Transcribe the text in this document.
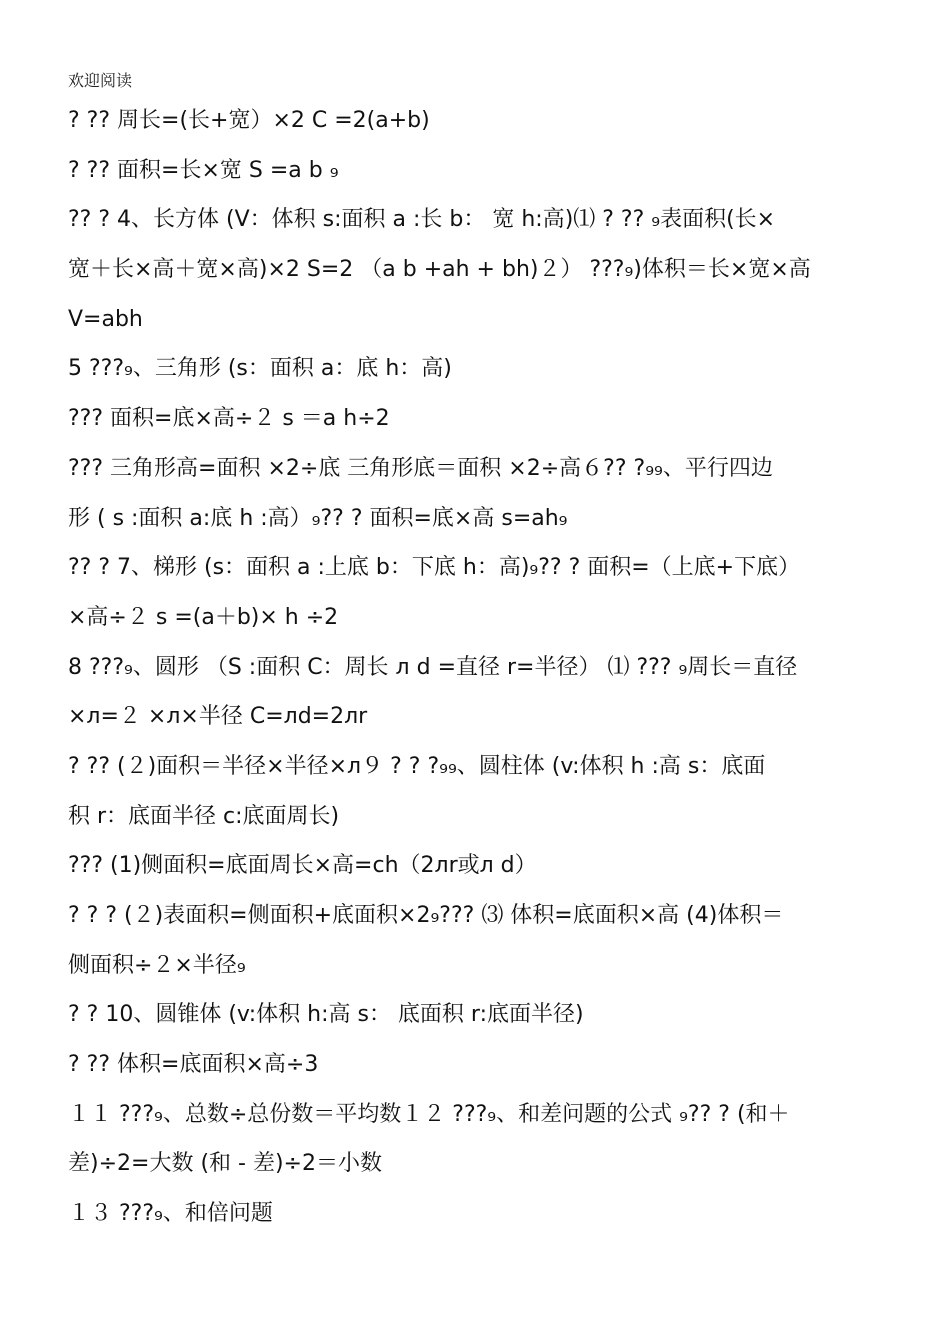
欢迎阅读
? ?? 周长=(长+宽）×2 C =2(a+b)
? ?? 面积=长×宽 S =a b ₉
?? ? 4、长方体 (V：体积 s:面积 a :长 b： 宽 h:高)⑴ ? ?? ₉表面积(长×
宽＋长×高＋宽×高)×2 S=2 （a b +ah + bh)２） ???₉)体积＝长×宽×高
V=abh
5 ???₉、三角形 (s：面积 a：底 h：高)
??? 面积=底×高÷２ s ＝a h÷2
??? 三角形高=面积 ×2÷底 三角形底＝面积 ×2÷高６?? ?₉₉、平行四边
形 ( s :面积 a:底 h :高）₉?? ? 面积=底×高 s=ah₉
?? ? 7、梯形 (s：面积 a :上底 b：下底 h：高)₉?? ? 面积=（上底+下底）
×高÷２ s =(a＋b)× h ÷2
8 ???₉、圆形 （S :面积 C：周长 л d =直径 r=半径） ⑴ ??? ₉周长＝直径
×л=２ ×л×半径 C=лd=2лr
? ?? (２)面积＝半径×半径×л９ ? ? ?₉₉、圆柱体 (v:体积 h :高 s：底面
积 r：底面半径 c:底面周长)
??? (1)侧面积=底面周长×高=ch（2лr或л d）
? ? ? (２)表面积=侧面积+底面积×2₉??? ⑶ 体积=底面积×高 (4)体积＝
侧面积÷２×半径₉
? ? 10、圆锥体 (v:体积 h:高 s： 底面积 r:底面半径)
? ?? 体积=底面积×高÷3
１１ ???₉、总数÷总份数＝平均数１２ ???₉、和差问题的公式 ₉?? ? (和＋
差)÷2=大数 (和 - 差)÷2＝小数
１３ ???₉、和倍问题
